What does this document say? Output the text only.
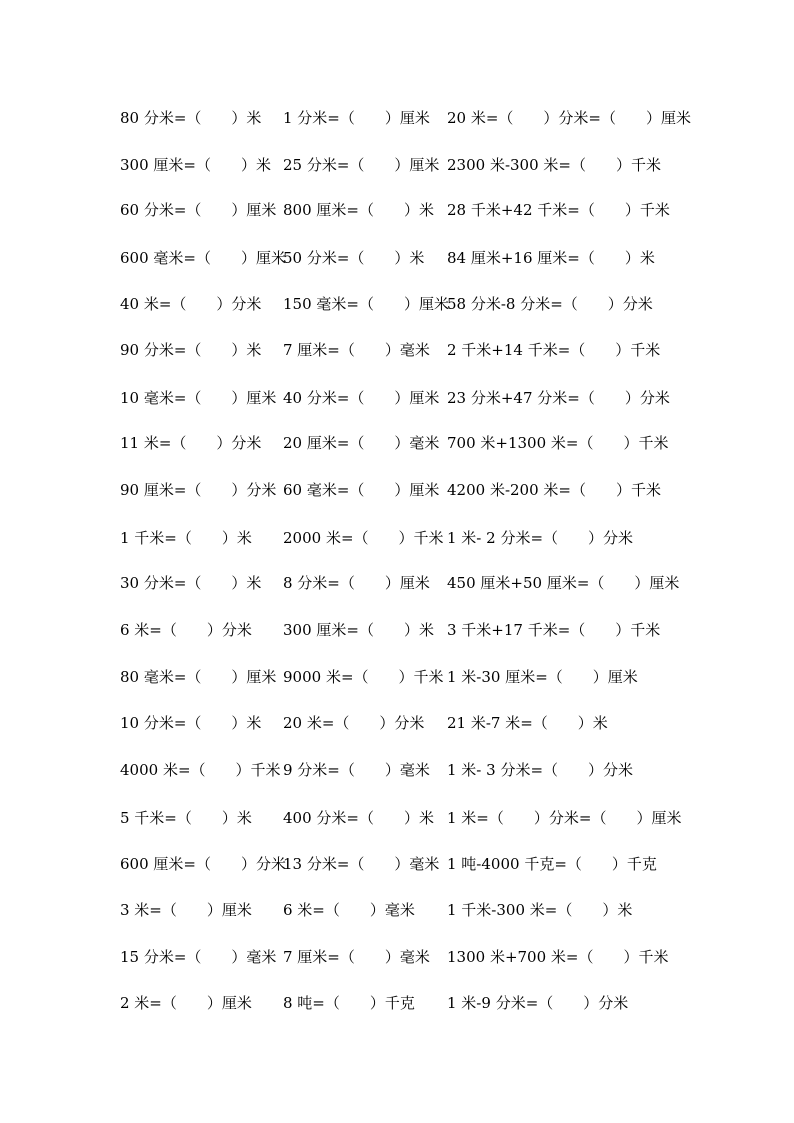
80 分米=（　　）米 1 分米=（　　）厘米 20 米=（　　）分米=（　　）厘米
300 厘米=（　　）米 25 分米=（　　）厘米 2300 米-300 米=（　　）千米
60 分米=（　　）厘米 800 厘米=（　　）米 28 千米+42 千米=（　　）千米
600 毫米=（　　）厘米
50 分米=（　　）米 84 厘米+16 厘米=（　　）米
40 米=（　　）分米 150 毫米=（　　）厘米
58 分米-8 分米=（　　）分米
90 分米=（　　）米 7 厘米=（　　）毫米 2 千米+14 千米=（　　）千米
10 毫米=（　　）厘米 40 分米=（　　）厘米 23 分米+47 分米=（　　）分米
11 米=（　　）分米 20 厘米=（　　）毫米 700 米+1300 米=（　　）千米
90 厘米=（　　）分米 60 毫米=（　　）厘米 4200 米-200 米=（　　）千米
1 千米=（　　）米 2000 米=（　　）千米 1 米- 2 分米=（　　）分米
30 分米=（　　）米 8 分米=（　　）厘米 450 厘米+50 厘米=（　　）厘米
6 米=（　　）分米 300 厘米=（　　）米 3 千米+17 千米=（　　）千米
80 毫米=（　　）厘米 9000 米=（　　）千米 1 米-30 厘米=（　　）厘米
10 分米=（　　）米 20 米=（　　）分米 21 米-7 米=（　　）米
4000 米=（　　）千米 9 分米=（　　）毫米 1 米- 3 分米=（　　）分米
5 千米=（　　）米 400 分米=（　　）米 1 米=（　　）分米=（　　）厘米
600 厘米=（　　）分米
13 分米=（　　）毫米 1 吨-4000 千克=（　　）千克
3 米=（　　）厘米 6 米=（　　）毫米 1 千米-300 米=（　　）米
15 分米=（　　）毫米 7 厘米=（　　）毫米 1300 米+700 米=（　　）千米
2 米=（　　）厘米 8 吨=（　　）千克 1 米-9 分米=（　　）分米
